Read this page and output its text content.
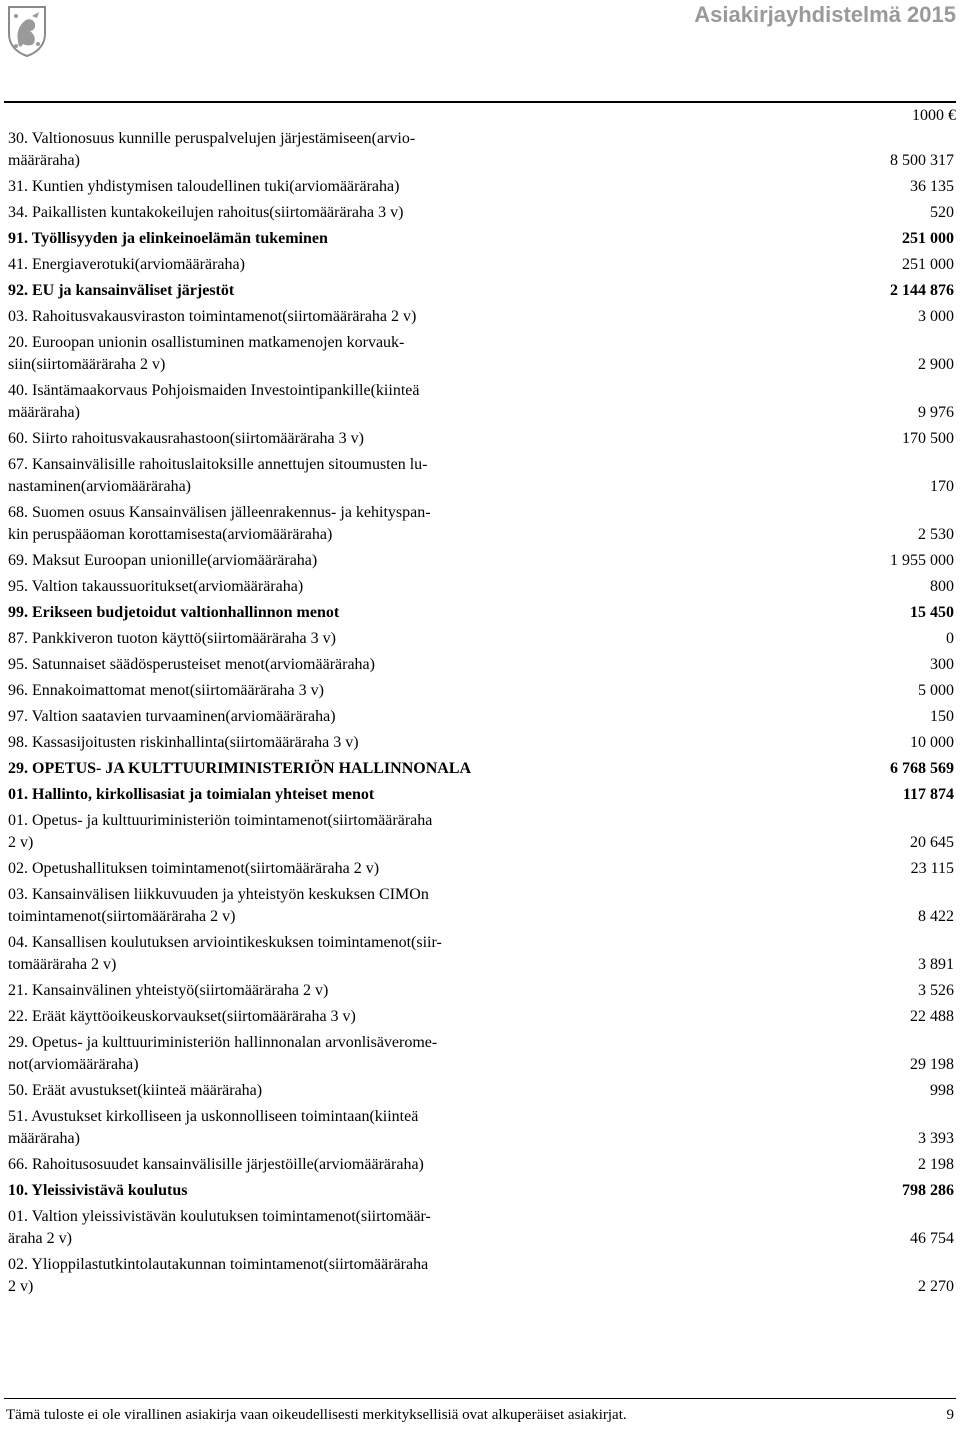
Asiakirjayhdistelmä 2015
1000 €
30. Valtionosuus kunnille peruspalvelujen järjestämiseen(arvio-
määräraha)	8 500 317
31. Kuntien yhdistymisen taloudellinen tuki(arviomääräraha)	36 135
34. Paikallisten kuntakokeilujen rahoitus(siirtomääräraha 3 v)	520
91. Työllisyyden ja elinkeinoelämän tukeminen	251 000
41. Energiaverotuki(arviomääräraha)	251 000
92. EU ja kansainväliset järjestöt	2 144 876
03. Rahoitusvakausviraston toimintamenot(siirtomääräraha 2 v)	3 000
20. Euroopan unionin osallistuminen matkamenojen korvauk-
siin(siirtomääräraha 2 v)	2 900
40. Isäntämaakorvaus Pohjoismaiden Investointipankille(kiinteä
määräraha)	9 976
60. Siirto rahoitusvakausrahastoon(siirtomääräraha 3 v)	170 500
67. Kansainvälisille rahoituslaitoksille annettujen sitoumusten lu-
nastaminen(arviomääräraha)	170
68. Suomen osuus Kansainvälisen jälleenrakennus- ja kehityspan-
kin peruspääoman korottamisesta(arviomääräraha)	2 530
69. Maksut Euroopan unionille(arviomääräraha)	1 955 000
95. Valtion takaussuoritukset(arviomääräraha)	800
99. Erikseen budjetoidut valtionhallinnon menot	15 450
87. Pankkiveron tuoton käyttö(siirtomääräraha 3 v)	0
95. Satunnaiset säädösperusteiset menot(arviomääräraha)	300
96. Ennakoimattomat menot(siirtomääräraha 3 v)	5 000
97. Valtion saatavien turvaaminen(arviomääräraha)	150
98. Kassasijoitusten riskinhallinta(siirtomääräraha 3 v)	10 000
29. OPETUS- JA KULTTUURIMINISTERIÖN HALLINNONALA	6 768 569
01. Hallinto, kirkollisasiat ja toimialan yhteiset menot	117 874
01. Opetus- ja kulttuuriministeriön toimintamenot(siirtomääräraha
2 v)	20 645
02. Opetushallituksen toimintamenot(siirtomääräraha 2 v)	23 115
03. Kansainvälisen liikkuvuuden ja yhteistyön keskuksen CIMOn
toimintamenot(siirtomääräraha 2 v)	8 422
04. Kansallisen koulutuksen arviointikeskuksen toimintamenot(siir-
tomääräraha 2 v)	3 891
21. Kansainvälinen yhteistyö(siirtomääräraha 2 v)	3 526
22. Eräät käyttöoikeuskorvaukset(siirtomääräraha 3 v)	22 488
29. Opetus- ja kulttuuriministeriön hallinnonalan arvonlisäverome-
not(arviomääräraha)	29 198
50. Eräät avustukset(kiinteä määräraha)	998
51. Avustukset kirkolliseen ja uskonnolliseen toimintaan(kiinteä
määräraha)	3 393
66. Rahoitusosuudet kansainvälisille järjestöille(arviomääräraha)	2 198
10. Yleissivistävä koulutus	798 286
01. Valtion yleissivistävän koulutuksen toimintamenot(siirtomäär-
äraha 2 v)	46 754
02. Ylioppilastutkintolautakunnan toimintamenot(siirtomääräraha
2 v)	2 270
Tämä tuloste ei ole virallinen asiakirja vaan oikeudellisesti merkityksellisiä ovat alkuperäiset asiakirjat.	9
